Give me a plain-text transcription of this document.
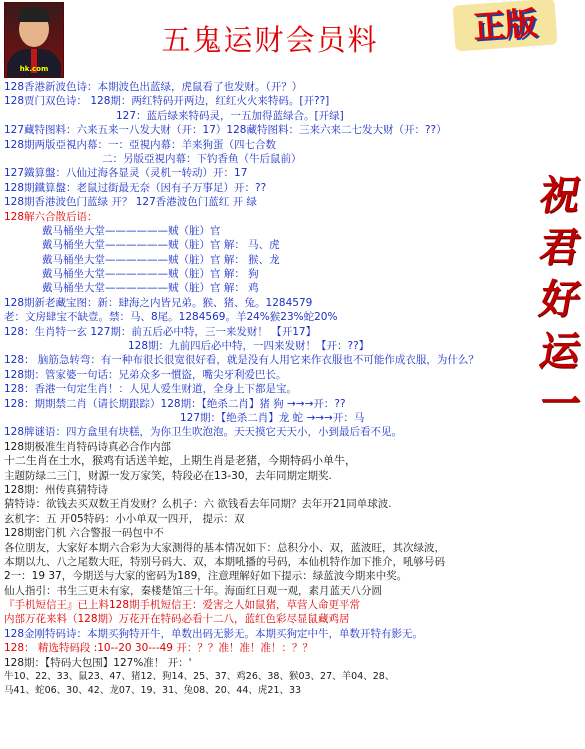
hk.com
五鬼运财会员料	正版
祝
君
好
运
一
128香港新波色诗：本期波色出蓝绿，虎鼠看了也发财。（开？）
128贾门双色诗： 128期：两红特码开两边，红红火火来特码。[开??]
127：蓝后绿来特码灵，一五加得蓝绿合。[开绿]
127藏特图料：六来五来一八发大财（开：17）128藏特图料：三来六来二七发大财（开：??）
128期两版亞視内幕：一：亞視内幕：羊来狗蛋（四七合数
二：另版亞視内幕：下钓香鱼（牛后鼠前）
127鐵算盤：八仙过海各显灵（灵机一转动）开：17
128期鐵算盤：老鼠过街最无奈（因有子万事足）开：??
128期香港波色门蓝绿 开？ 127香港波色门蓝红 开 绿
128解六合散后语：
戴马桶坐大堂——————贼（脏）官
戴马桶坐大堂——————贼（脏）官 解： 马、虎
戴马桶坐大堂——————贼（脏）官 解： 猴、龙
戴马桶坐大堂——————贼（脏）官 解： 狗
戴马桶坐大堂——————贼（脏）官 解： 鸡
128期新老藏宝图：新：肆海之内皆兄弟。猴、猪、兔。1284579
老：文房肆宝不缺壹。禁：马、8尾。1284569。羊24%猴23%蛇20%
128：生肖特一玄 127期：前五后必中特，三一来发财！ 【开17】
128期：九前四后必中特，一四来发财！【开：??】
128： 脑筋急转弯：有一种布很长很宽很好看，就是没有人用它来作衣服也不可能作成衣服，为什么？
128期：管家婆一句话：兄弟众多一慣盜，嘴尖牙利爱巴长。
128：香港一句定生肖！：人见人爱生财道，全身上下都是宝。
128：期期禁二肖（请长期跟踪）128期：【绝杀二肖】猪 狗 →→→开：??
127期：【绝杀二肖】龙 蛇 →→→开：马
128牌谜语：四方盒里有块糕，为你卫生吹泡泡。天天摸它天天小，小到最后看不见。
128期极准生肖特码诗真必合作内部
十二生肖在土水，猴鸡有话送羊蛇，上期生肖是老猪，今期特码小单牛，
主题防绿二三门，财源一发万家笑，特段必在13-30，去年同期定期奖.
128期：州传真猜特诗
猜特诗：欲钱去买双数王肖发财？么机子：六 欲钱看去年同期？去年开21同单球波.
玄机字：五 开05特码：小小单双一四开， 提示：双
128期密门机 六合警报一码包中不
各位朋友，大家好本期六合彩为大家测得的基本情况如下：总积分小、双，蓝波旺，其次绿波，
本期以九、八之尾数大旺，特别号码大、双，本期吼播的号码，本仙机特作加下推介，吼够号码
2一：19 37，今期送与大家的密码为189，注意理解好如下提示：绿蓝波今期来中奖。
仙人指引：书生三更未有家，秦楼楚馆三十年。海面红日观一观，素月蓝天八分圆
『手机短信王』已上料128期手机短信王：爱害之人如鼠猪，草营人命更平常
内部万花来料（128期）万花开在特码必看十二八，蓝红色彩尽显鼠藏鸡居
128金刚特码诗：本期买狗特开牛，单数出码无影无。本期买狗定中牛，单数开特有影无。
128： 精选特码段 :10--20 30---49 开：？？准！准！准！：？？
128期：【特码大包围】127%准！ 开：'
牛10、22、33、鼠23、47、猪12、狗14、25、37、鸡26、38、猴03、27、羊04、28、
马41、蛇06、30、42、龙07、19、31、兔08、20、44、虎21、33
